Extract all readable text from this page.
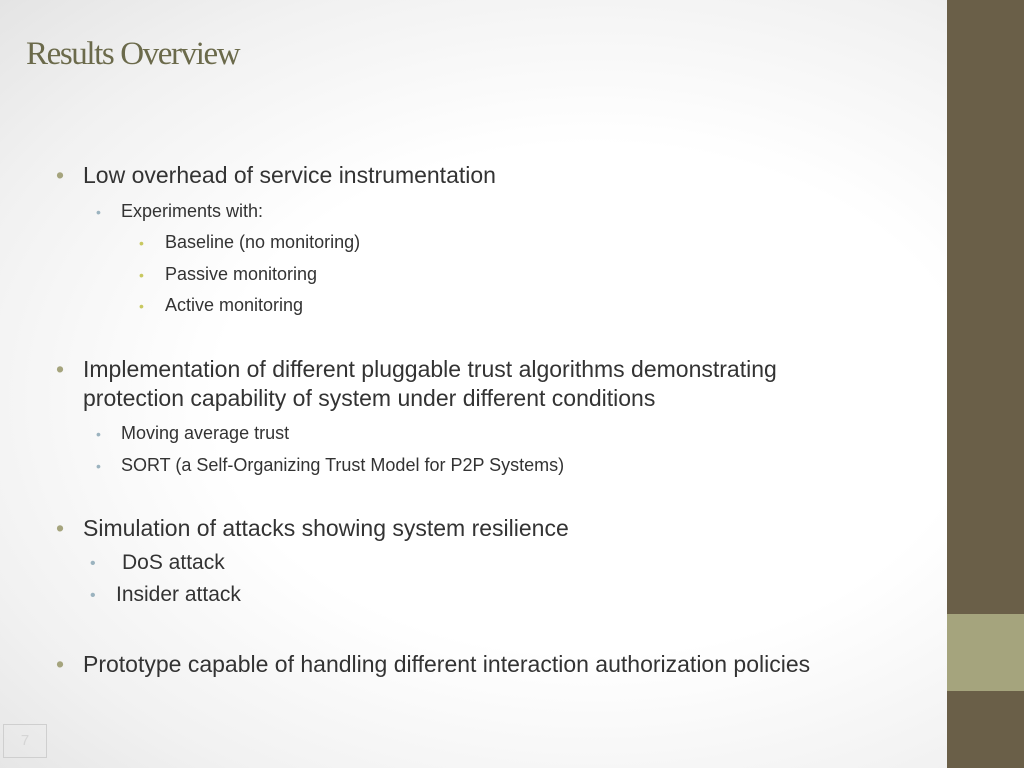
Results Overview
• Low overhead of service instrumentation
• Experiments with:
• Baseline (no monitoring)
• Passive monitoring
• Active monitoring
• Implementation of different pluggable trust algorithms demonstrating
protection capability of system under different conditions
• Moving average trust
• SORT (a Self-Organizing Trust Model for P2P Systems)
• Simulation of attacks showing system resilience
• DoS attack
• Insider attack
• Prototype capable of handling different interaction authorization policies
7
